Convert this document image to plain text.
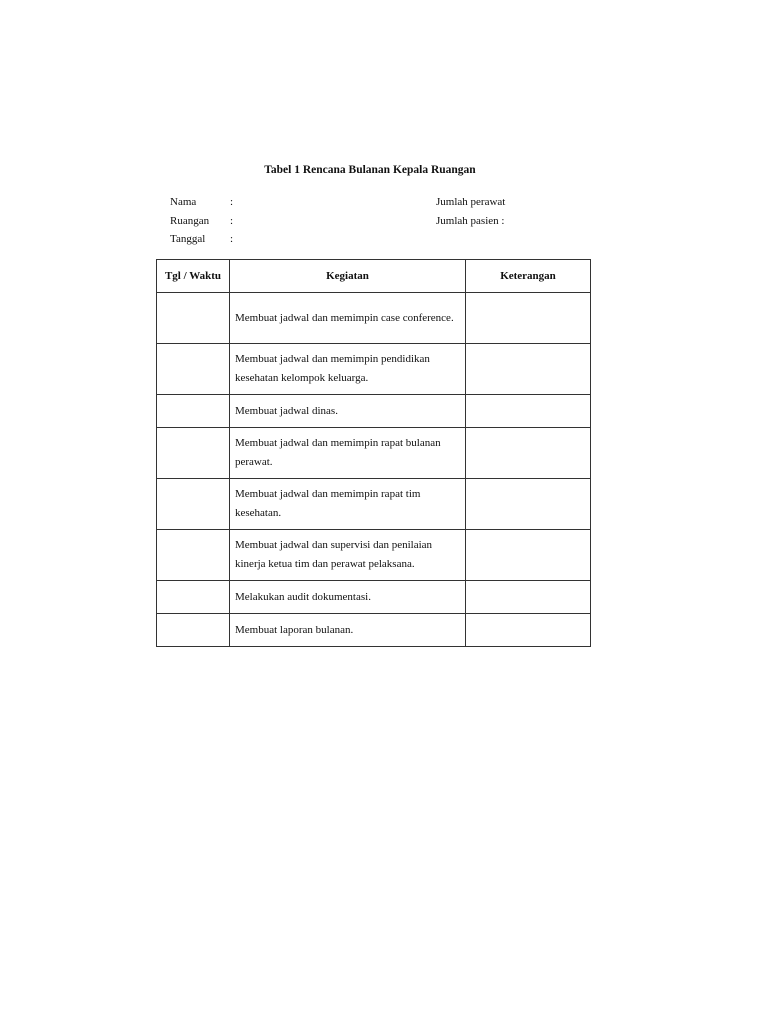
Tabel 1 Rencana Bulanan Kepala Ruangan
Nama	:	Jumlah perawat
Ruangan :	Jumlah pasien :
Tanggal :
Tgl / Waktu	Kegiatan	Keterangan
	Membuat jadwal dan memimpin case conference.	
	Membuat jadwal dan memimpin pendidikan kesehatan kelompok keluarga.	
	Membuat jadwal dinas.	
	Membuat jadwal dan memimpin rapat bulanan perawat.	
	Membuat jadwal dan memimpin rapat tim kesehatan.	
	Membuat jadwal dan supervisi dan penilaian kinerja ketua tim dan perawat pelaksana.	
	Melakukan audit dokumentasi.	
	Membuat laporan bulanan.	
